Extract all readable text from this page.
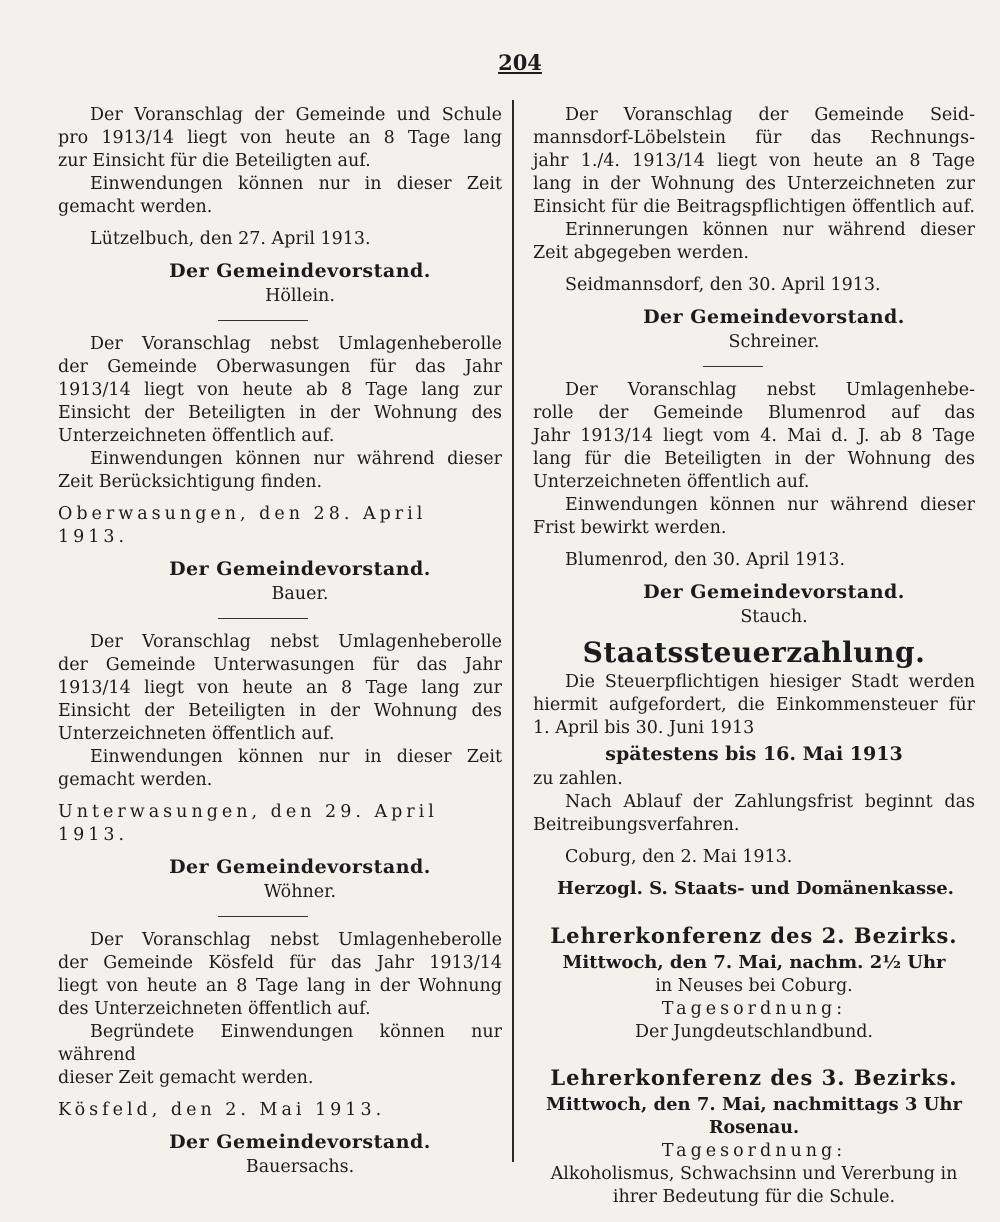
204

Der Voranschlag der Gemeinde und Schule

pro 1913/14 liegt von heute an 8 Tage lang

zur Einsicht für die Beteiligten auf.

Einwendungen können nur in dieser Zeit

gemacht werden.

Lützelbuch, den 27. April 1913.

Der Gemeindevorstand.

Höllein.

Der Voranschlag nebst Umlagenheberolle

der Gemeinde Oberwasungen für das Jahr

1913/14 liegt von heute ab 8 Tage lang zur

Einsicht der Beteiligten in der Wohnung des

Unterzeichneten öffentlich auf.

Einwendungen können nur während dieser

Zeit Berücksichtigung finden.

Oberwasungen, den 28. April 1913.

Der Gemeindevorstand.

Bauer.

Der Voranschlag nebst Umlagenheberolle

der Gemeinde Unterwasungen für das Jahr

1913/14 liegt von heute an 8 Tage lang zur

Einsicht der Beteiligten in der Wohnung des

Unterzeichneten öffentlich auf.

Einwendungen können nur in dieser Zeit

gemacht werden.

Unterwasungen, den 29. April 1913.

Der Gemeindevorstand.

Wöhner.

Der Voranschlag nebst Umlagenheberolle

der Gemeinde Kösfeld für das Jahr 1913/14

liegt von heute an 8 Tage lang in der Wohnung

des Unterzeichneten öffentlich auf.

Begründete Einwendungen können nur während

dieser Zeit gemacht werden.

Kösfeld, den 2. Mai 1913.

Der Gemeindevorstand.

Bauersachs.

Der Voranschlag der Gemeinde Seid-

mannsdorf-Löbelstein für das Rechnungs-

jahr 1./4. 1913/14 liegt von heute an 8 Tage

lang in der Wohnung des Unterzeichneten zur

Einsicht für die Beitragspflichtigen öffentlich auf.

Erinnerungen können nur während dieser

Zeit abgegeben werden.

Seidmannsdorf, den 30. April 1913.

Der Gemeindevorstand.

Schreiner.

Der Voranschlag nebst Umlagenhebe-

rolle der Gemeinde Blumenrod auf das

Jahr 1913/14 liegt vom 4. Mai d. J. ab 8 Tage

lang für die Beteiligten in der Wohnung des

Unterzeichneten öffentlich auf.

Einwendungen können nur während dieser

Frist bewirkt werden.

Blumenrod, den 30. April 1913.

Der Gemeindevorstand.

Stauch.

Staatssteuerzahlung.

Die Steuerpflichtigen hiesiger Stadt werden

hiermit aufgefordert, die Einkommensteuer für

1. April bis 30. Juni 1913

spätestens bis 16. Mai 1913

zu zahlen.

Nach Ablauf der Zahlungsfrist beginnt das

Beitreibungsverfahren.

Coburg, den 2. Mai 1913.

Herzogl. S. Staats- und Domänenkasse.

Lehrerkonferenz des 2. Bezirks.

Mittwoch, den 7. Mai, nachm. 2½ Uhr

in Neuses bei Coburg.

Tagesordnung:

Der Jungdeutschlandbund.

Lehrerkonferenz des 3. Bezirks.

Mittwoch, den 7. Mai, nachmittags 3 Uhr

Rosenau.

Tagesordnung:

Alkoholismus, Schwachsinn und Vererbung in

ihrer Bedeutung für die Schule.
